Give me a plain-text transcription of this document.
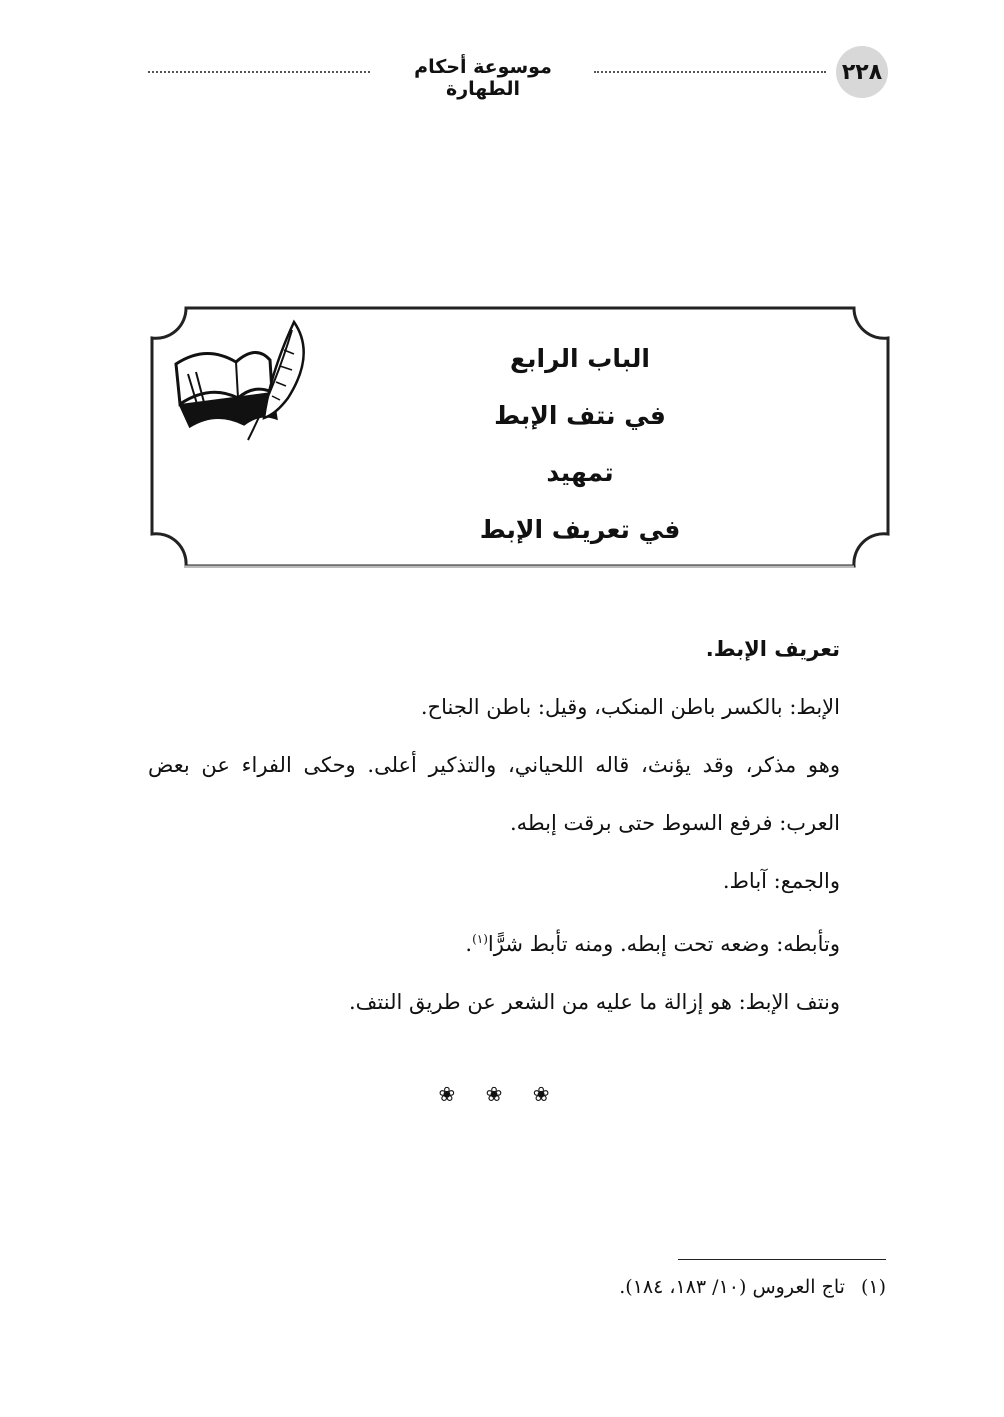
موسوعة أحكام الطهارة
٢٢٨
الباب الرابع
في نتف الإبط
تمهيد
في تعريف الإبط

تعريف الإبط.

الإبط: بالكسر باطن المنكب، وقيل: باطن الجناح.

وهو مذكر، وقد يؤنث، قاله اللحياني، والتذكير أعلى. وحكى الفراء عن بعض العرب: فرفع السوط حتى برقت إبطه.

والجمع: آباط.

وتأبطه: وضعه تحت إبطه. ومنه تأبط شرًّا$^{(١)}$.

ونتف الإبط: هو إزالة ما عليه من الشعر عن طريق النتف.

❀ ❀ ❀
(١)تاج العروس (١٠/ ١٨٣، ١٨٤).
